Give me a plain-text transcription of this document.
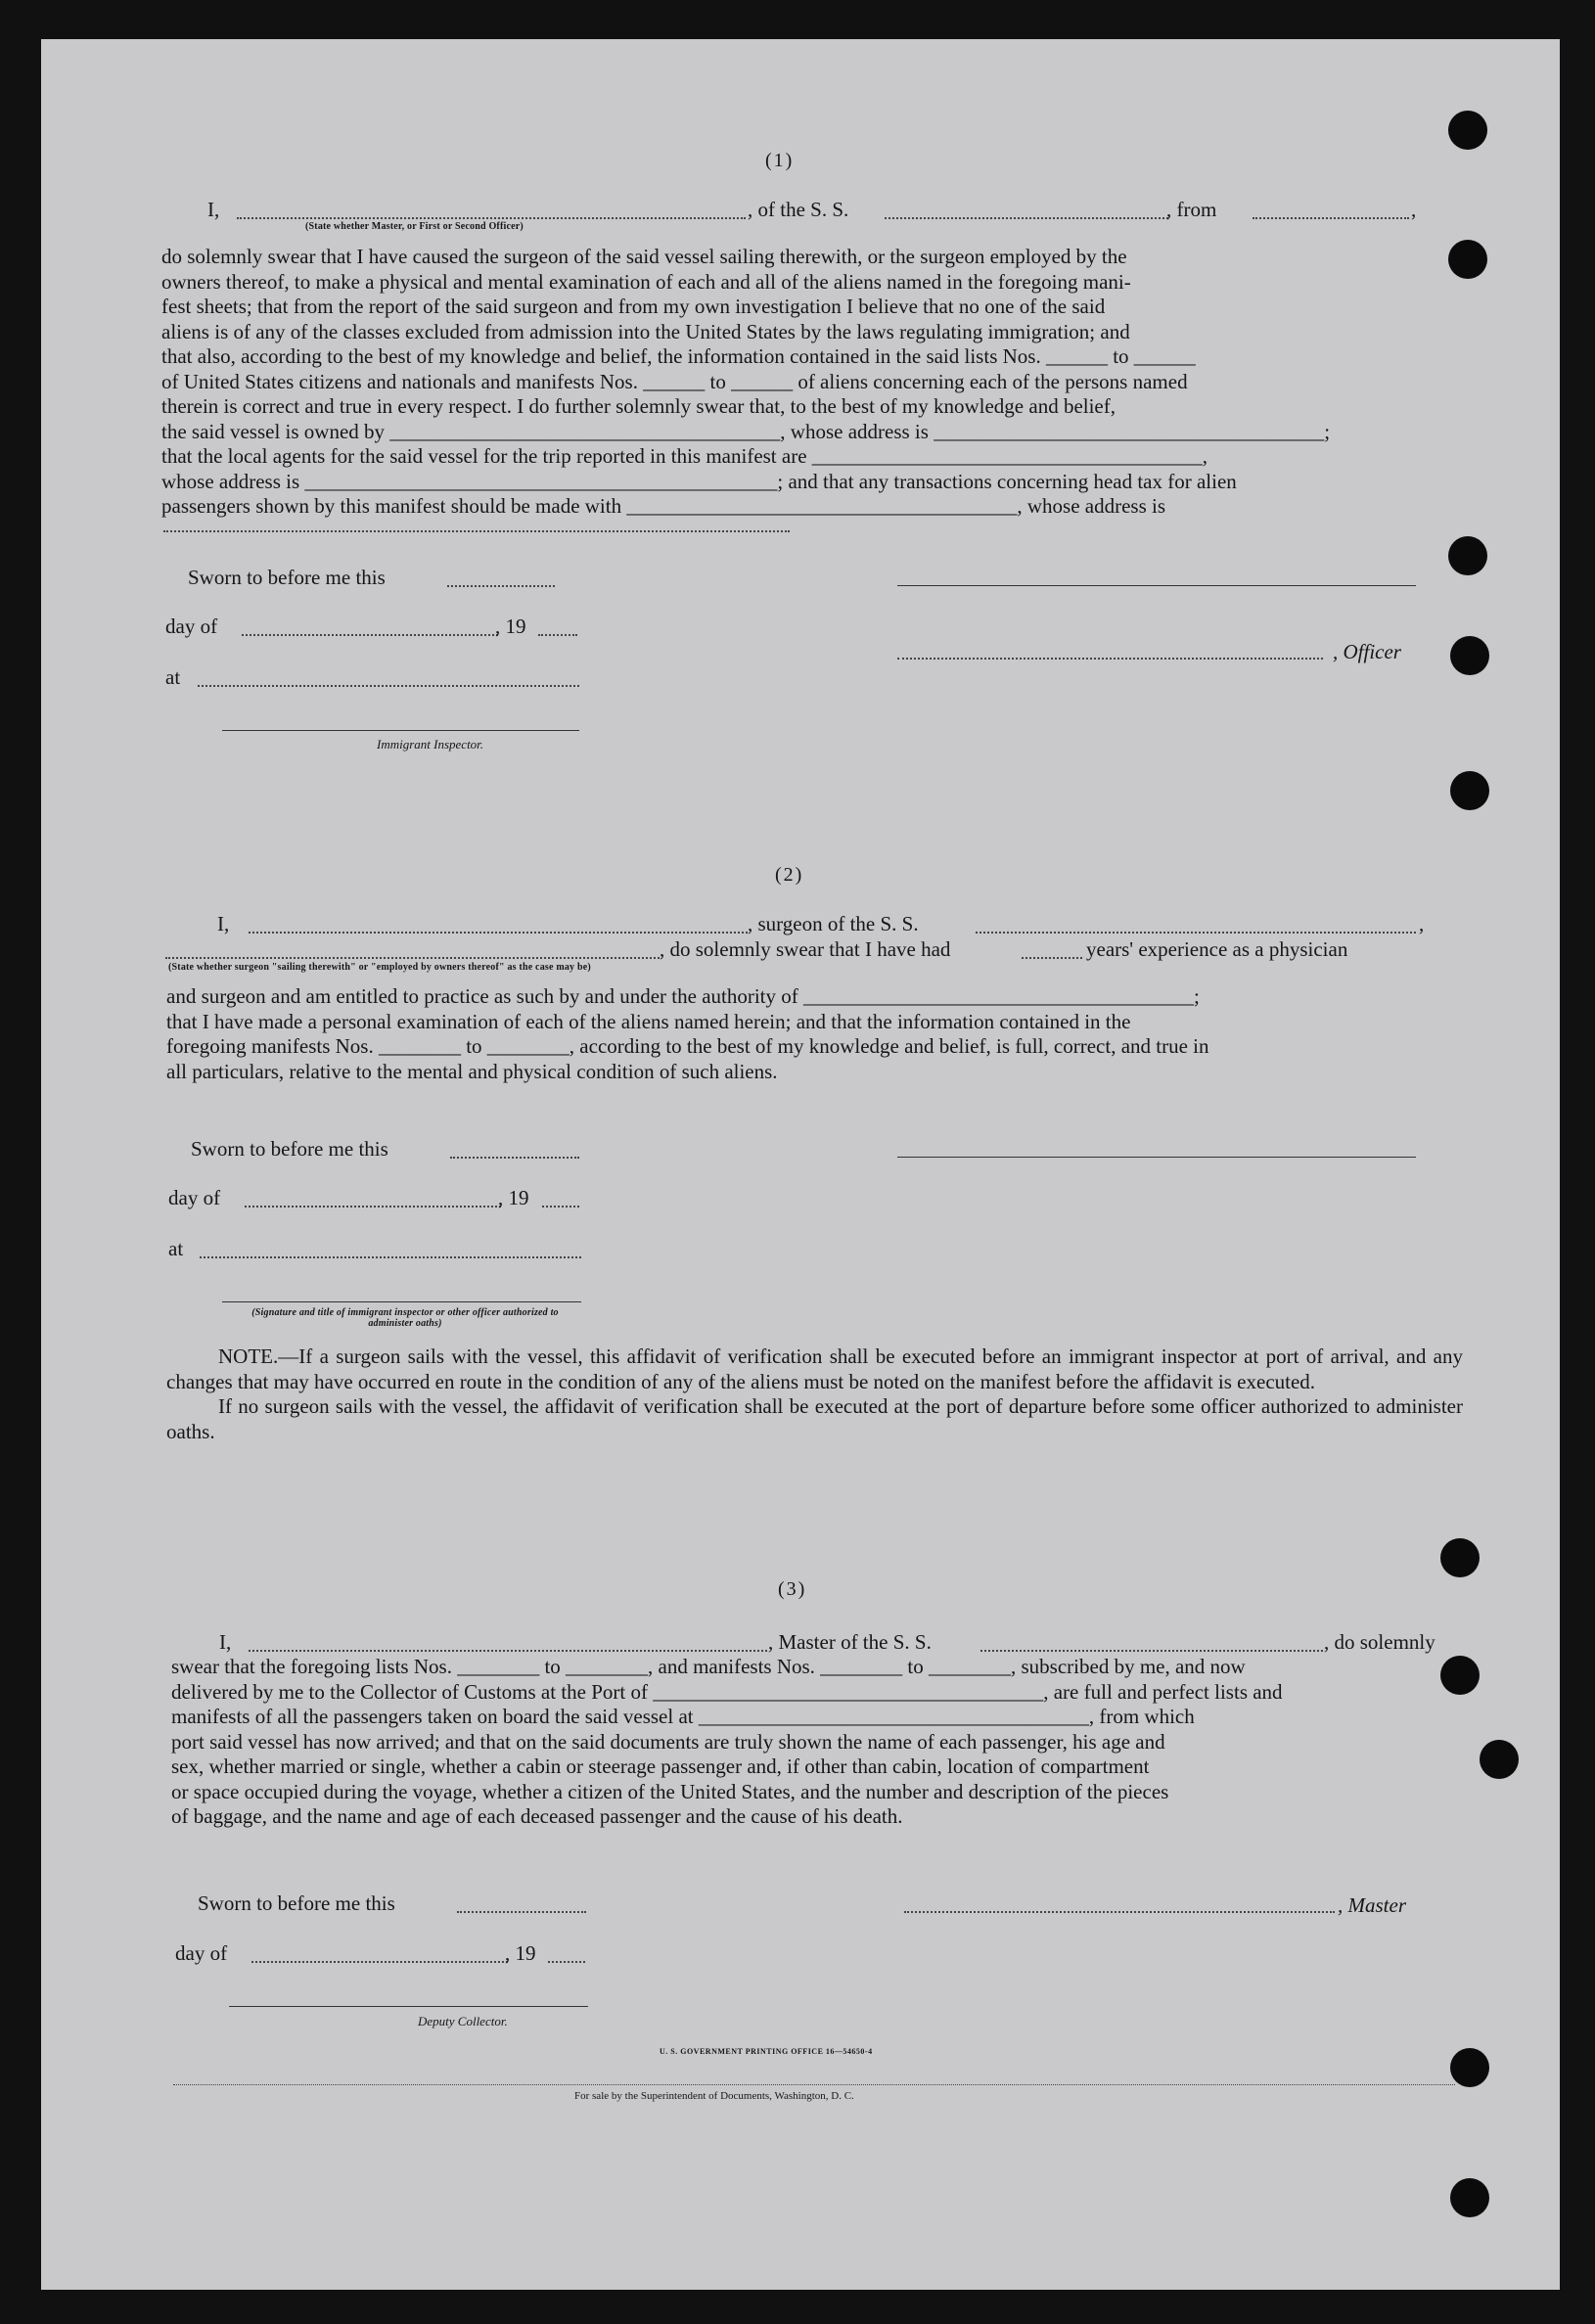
(1)
I,	, of the S. S.	, from	,
(State whether Master, or First or Second Officer)

do solemnly swear that I have caused the surgeon of the said vessel sailing therewith, or the surgeon employed by the

owners thereof, to make a physical and mental examination of each and all of the aliens named in the foregoing mani-

fest sheets; that from the report of the said surgeon and from my own investigation I believe that no one of the said

aliens is of any of the classes excluded from admission into the United States by the laws regulating immigration; and

that also, according to the best of my knowledge and belief, the information contained in the said lists Nos. ______ to ______

of United States citizens and nationals and manifests Nos. ______ to ______ of aliens concerning each of the persons named

therein is correct and true in every respect. I do further solemnly swear that, to the best of my knowledge and belief,

the said vessel is owned by ______________________________________, whose address is ______________________________________;

that the local agents for the said vessel for the trip reported in this manifest are ______________________________________,

whose address is ______________________________________________; and that any transactions concerning head tax for alien

passengers shown by this manifest should be made with ______________________________________, whose address is

Sworn to before me this
day of	, 19
, Officer
at
Immigrant Inspector.
(2)
I,	, surgeon of the S. S.	,
, do solemnly swear that I have had	years' experience as a physician
(State whether surgeon "sailing therewith" or "employed by owners thereof" as the case may be)

and surgeon and am entitled to practice as such by and under the authority of ______________________________________;

that I have made a personal examination of each of the aliens named herein; and that the information contained in the

foregoing manifests Nos. ________ to ________, according to the best of my knowledge and belief, is full, correct, and true in

all particulars, relative to the mental and physical condition of such aliens.

Sworn to before me this
day of	, 19
at
(Signature and title of immigrant inspector or other officer authorized to administer oaths)

NOTE.—If a surgeon sails with the vessel, this affidavit of verification shall be executed before an immigrant inspector at port of arrival, and any changes that may have occurred en route in the condition of any of the aliens must be noted on the manifest before the affidavit is executed.

If no surgeon sails with the vessel, the affidavit of verification shall be executed at the port of departure before some officer authorized to administer oaths.

(3)
I,	, Master of the S. S.	, do solemnly

swear that the foregoing lists Nos. ________ to ________, and manifests Nos. ________ to ________, subscribed by me, and now

delivered by me to the Collector of Customs at the Port of ______________________________________, are full and perfect lists and

manifests of all the passengers taken on board the said vessel at ______________________________________, from which

port said vessel has now arrived; and that on the said documents are truly shown the name of each passenger, his age and

sex, whether married or single, whether a cabin or steerage passenger and, if other than cabin, location of compartment

or space occupied during the voyage, whether a citizen of the United States, and the number and description of the pieces

of baggage, and the name and age of each deceased passenger and the cause of his death.

Sworn to before me this	, Master
day of	, 19
Deputy Collector.
U. S. GOVERNMENT PRINTING OFFICE 16—54650-4
For sale by the Superintendent of Documents, Washington, D. C.
